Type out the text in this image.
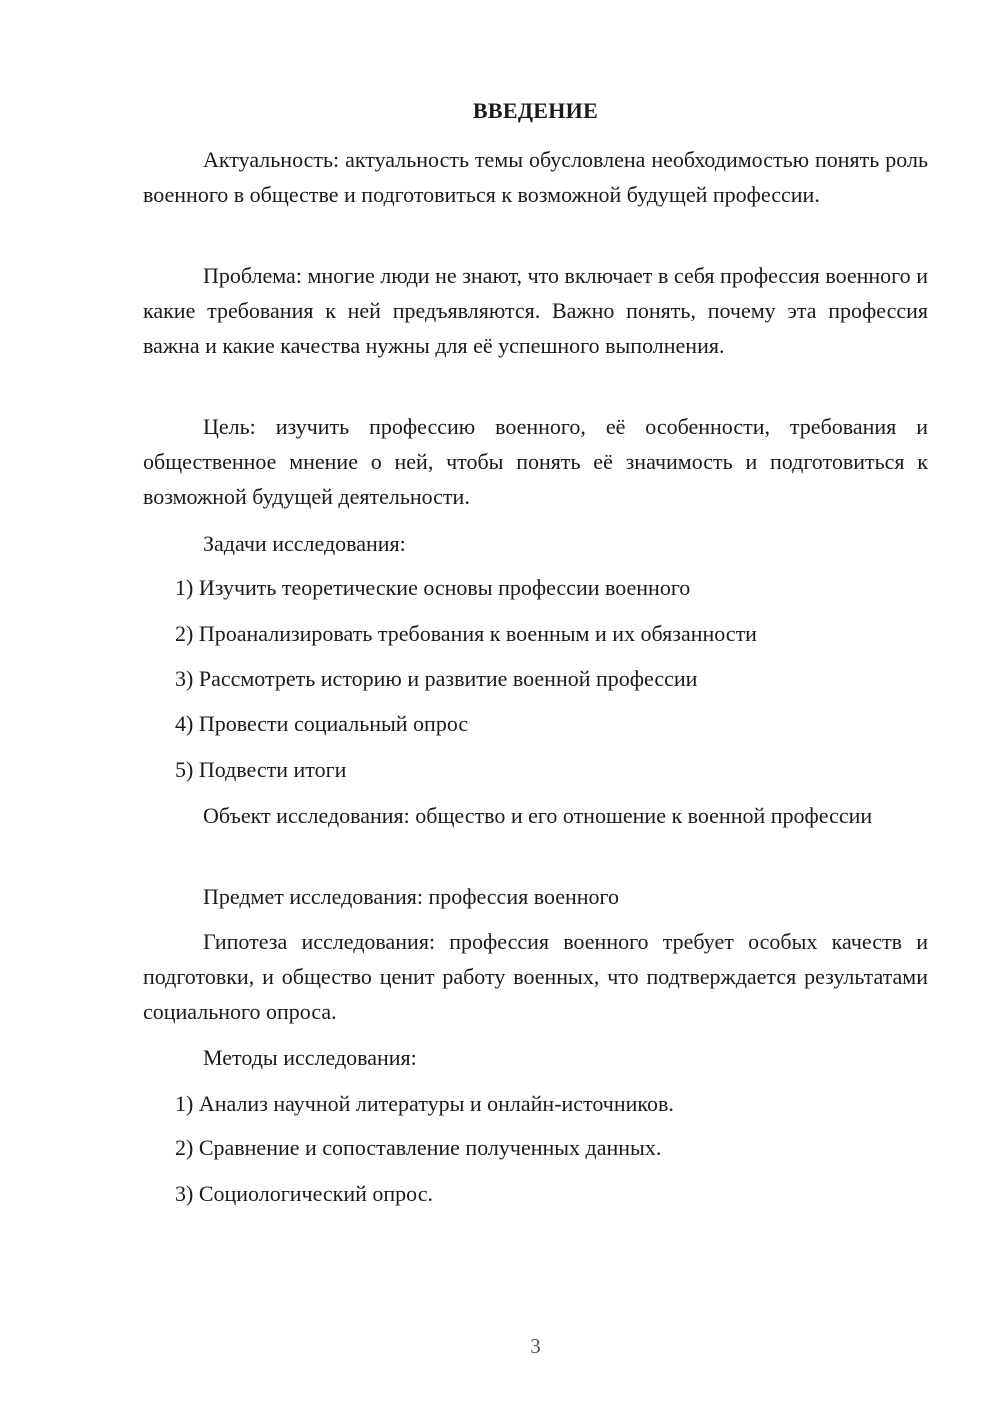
ВВЕДЕНИЕ

Актуальность: актуальность темы обусловлена необходимостью понять роль военного в обществе и подготовиться к возможной будущей профессии.

Проблема: многие люди не знают, что включает в себя профессия военного и какие требования к ней предъявляются. Важно понять, почему эта профессия важна и какие качества нужны для её успешного выполнения.

Цель: изучить профессию военного, её особенности, требования и общественное мнение о ней, чтобы понять её значимость и подготовиться к возможной будущей деятельности.

Задачи исследования:

1) Изучить теоретические основы профессии военного

2) Проанализировать требования к военным и их обязанности

3) Рассмотреть историю и развитие военной профессии

4) Провести социальный опрос

5) Подвести итоги

Объект исследования: общество и его отношение к военной профессии

Предмет исследования: профессия военного

Гипотеза исследования: профессия военного требует особых качеств и подготовки, и общество ценит работу военных, что подтверждается результатами социального опроса.

Методы исследования:

1) Анализ научной литературы и онлайн-источников.

2) Сравнение и сопоставление полученных данных.

3) Социологический опрос.

3
